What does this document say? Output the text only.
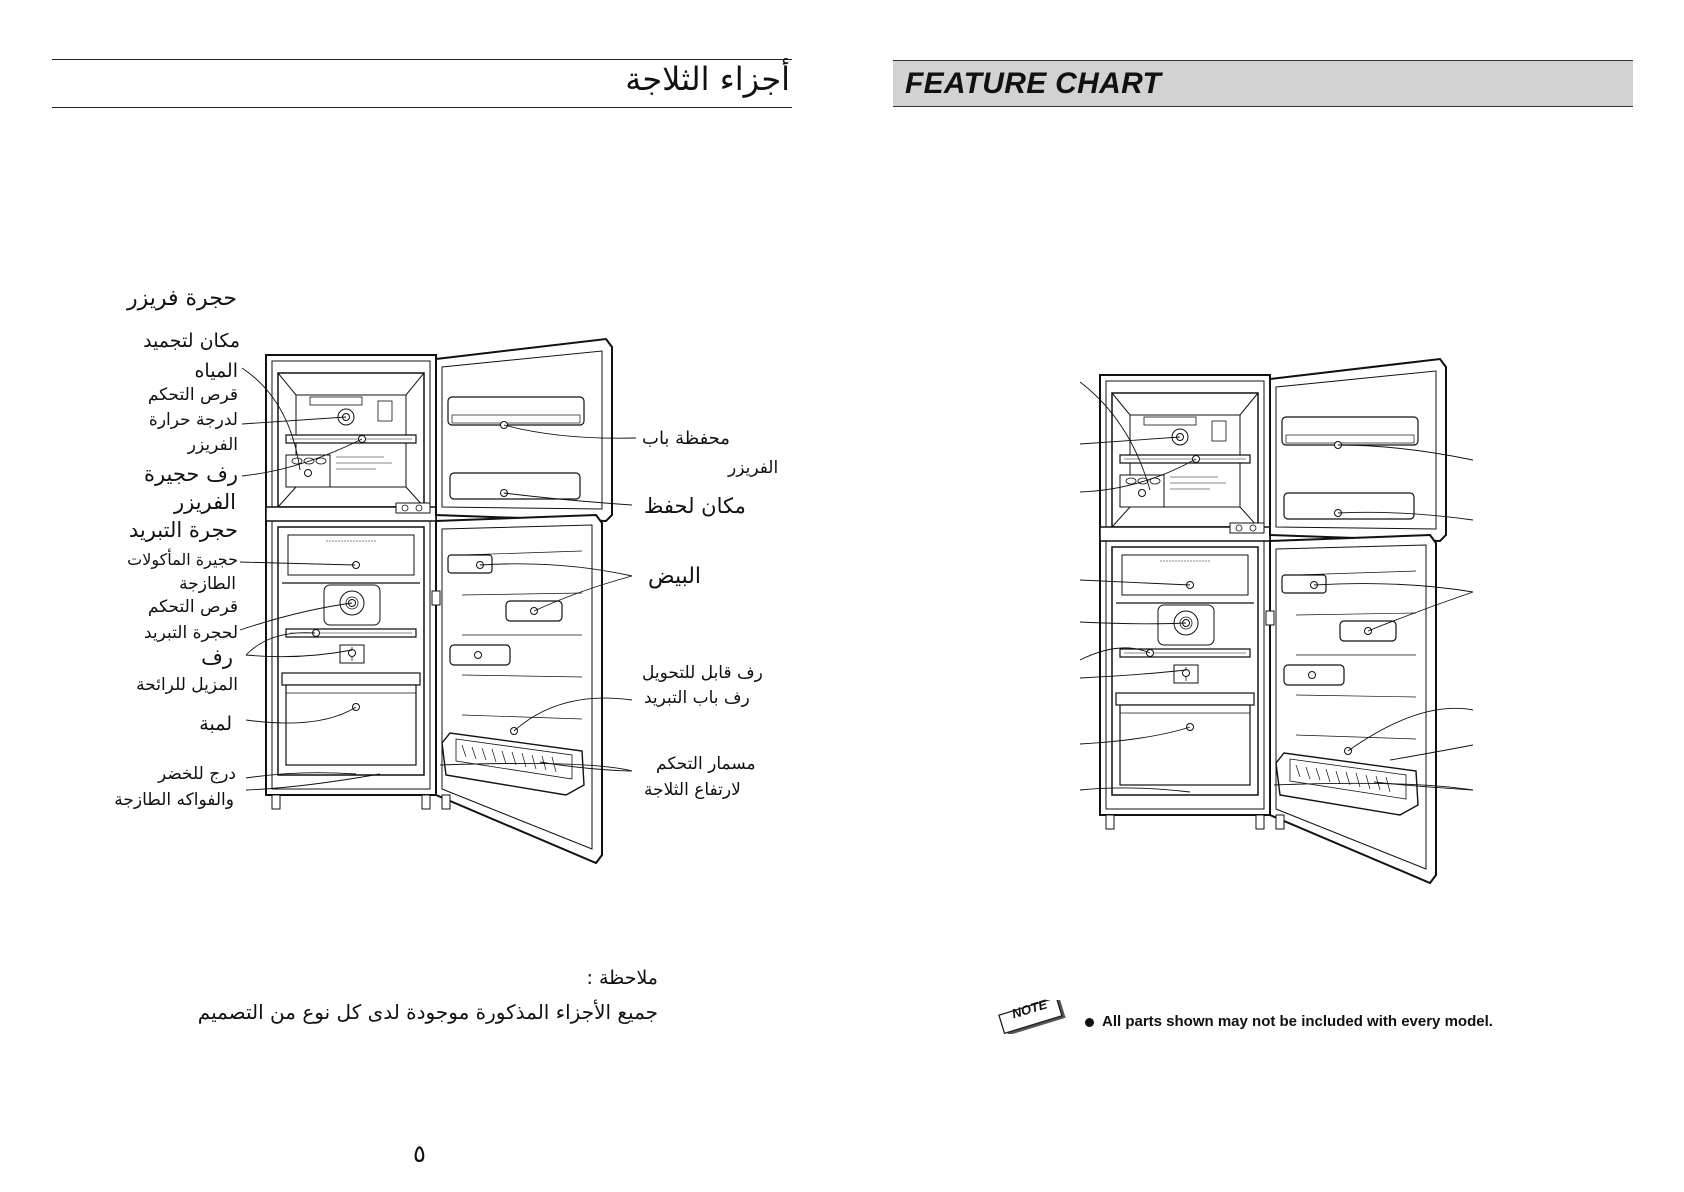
أجزاء الثلاجة	FEATURE CHART
حجرة فريزر
مكان لتجميد
المياه
قرص التحكم
لدرجة حرارة
الفريزر
رف حجيرة
الفريزر
حجرة التبريد
حجيرة المأكولات
الطازجة
قرص التحكم
لحجرة التبريد
رف
المزيل للرائحة
لمبة
درج للخضر
والفواكه الطازجة
محفظة باب
الفريزر
مكان لحفظ
البيض
رف قابل للتحويل
رف باب التبريد
مسمار التحكم
لارتفاع الثلاجة
ملاحظة :
جميع الأجزاء المذكورة موجودة لدى كل نوع من التصميم
٥
NOTE
All parts shown may not be included with every model.
